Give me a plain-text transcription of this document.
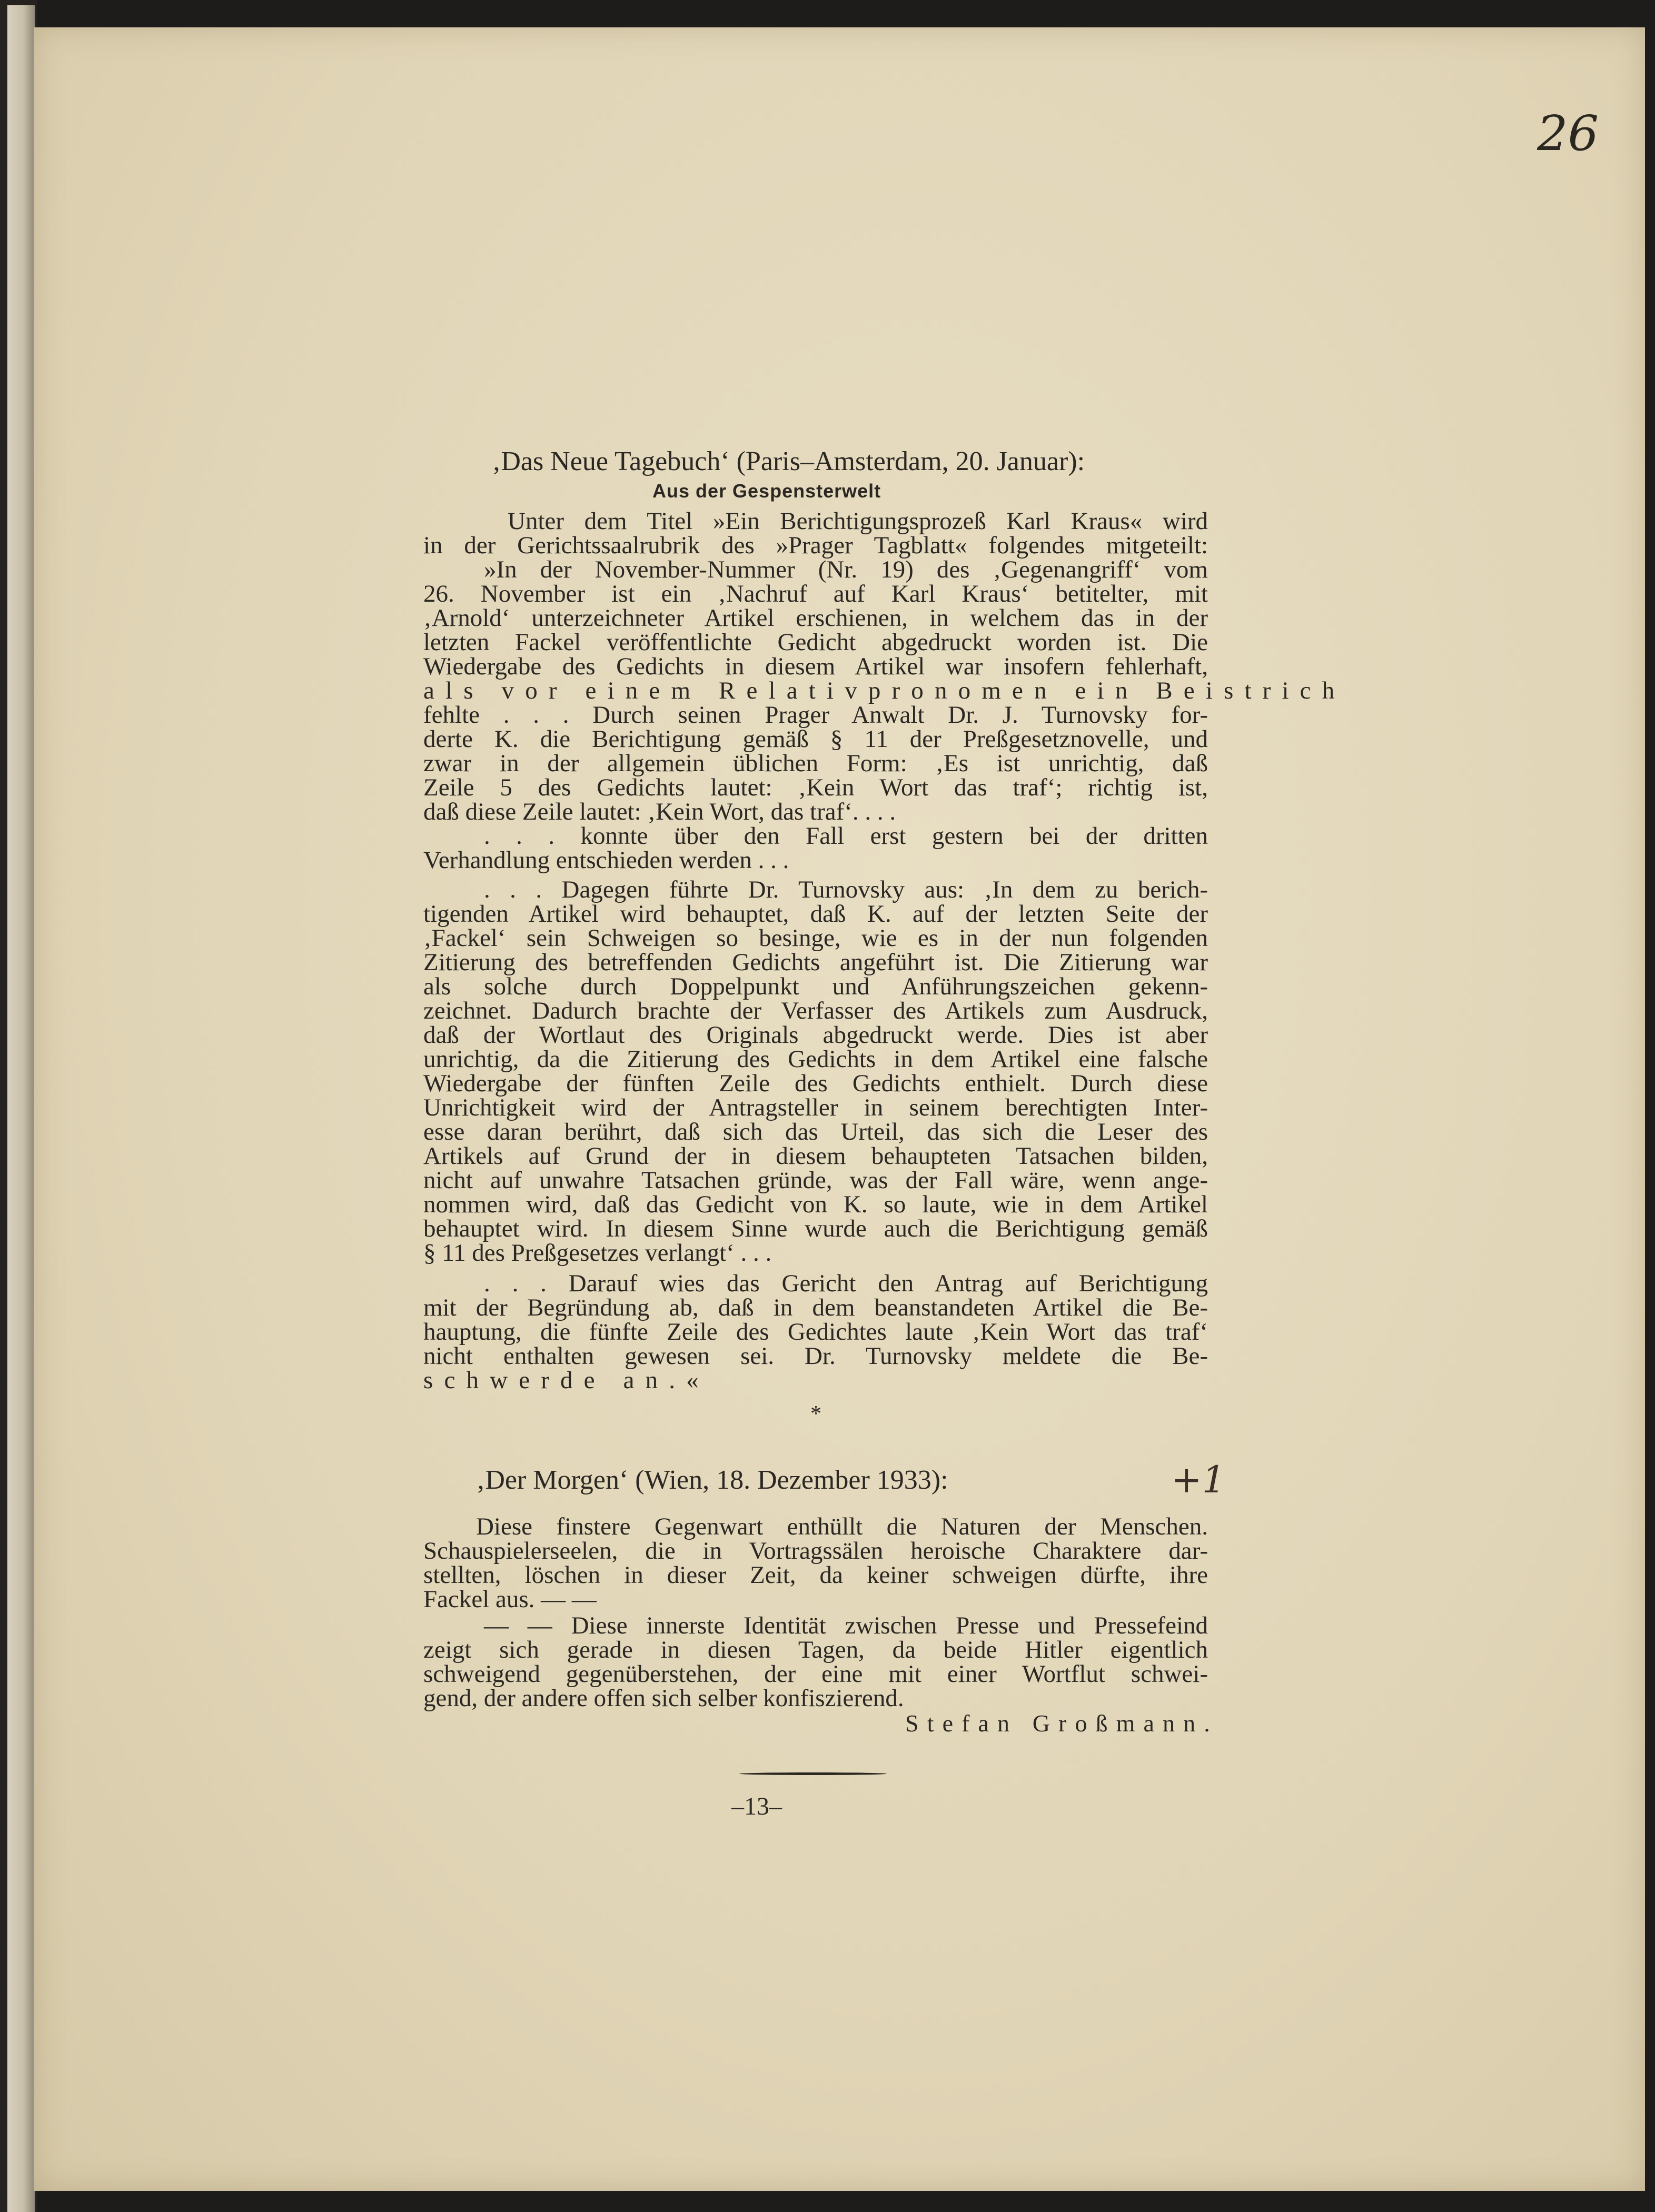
26
‚Das Neue Tagebuch‘ (Paris–Amsterdam, 20. Januar):
Aus der Gespensterwelt
Unter dem Titel »Ein Berichtigungsprozeß Karl Kraus« wird
in der Gerichtssaalrubrik des »Prager Tagblatt« folgendes mitgeteilt:
»In der November-Nummer (Nr. 19) des ‚Gegenangriff‘ vom
26. November ist ein ‚Nachruf auf Karl Kraus‘ betitelter, mit
‚Arnold‘ unterzeichneter Artikel erschienen, in welchem das in der
letzten Fackel veröffentlichte Gedicht abgedruckt worden ist. Die
Wiedergabe des Gedichts in diesem Artikel war insofern fehlerhaft,
als vor einem Relativpronomen ein Beistrich
fehlte . . . Durch seinen Prager Anwalt Dr. J. Turnovsky for-
derte K. die Berichtigung gemäß § 11 der Preßgesetznovelle, und
zwar in der allgemein üblichen Form: ‚Es ist unrichtig, daß
Zeile 5 des Gedichts lautet: ‚Kein Wort das traf‘; richtig ist,
daß diese Zeile lautet: ‚Kein Wort, das traf‘. . . .
. . . konnte über den Fall erst gestern bei der dritten
Verhandlung entschieden werden . . .
. . . Dagegen führte Dr. Turnovsky aus: ‚In dem zu berich-
tigenden Artikel wird behauptet, daß K. auf der letzten Seite der
‚Fackel‘ sein Schweigen so besinge, wie es in der nun folgenden
Zitierung des betreffenden Gedichts angeführt ist. Die Zitierung war
als solche durch Doppelpunkt und Anführungszeichen gekenn-
zeichnet. Dadurch brachte der Verfasser des Artikels zum Ausdruck,
daß der Wortlaut des Originals abgedruckt werde. Dies ist aber
unrichtig, da die Zitierung des Gedichts in dem Artikel eine falsche
Wiedergabe der fünften Zeile des Gedichts enthielt. Durch diese
Unrichtigkeit wird der Antragsteller in seinem berechtigten Inter-
esse daran berührt, daß sich das Urteil, das sich die Leser des
Artikels auf Grund der in diesem behaupteten Tatsachen bilden,
nicht auf unwahre Tatsachen gründe, was der Fall wäre, wenn ange-
nommen wird, daß das Gedicht von K. so laute, wie in dem Artikel
behauptet wird. In diesem Sinne wurde auch die Berichtigung gemäß
§ 11 des Preßgesetzes verlangt‘ . . .
. . . Darauf wies das Gericht den Antrag auf Berichtigung
mit der Begründung ab, daß in dem beanstandeten Artikel die Be-
hauptung, die fünfte Zeile des Gedichtes laute ‚Kein Wort das traf‘
nicht enthalten gewesen sei. Dr. Turnovsky meldete die Be-
schwerde an.«
*
‚Der Morgen‘ (Wien, 18. Dezember 1933):	+1
Diese finstere Gegenwart enthüllt die Naturen der Menschen.
Schauspielerseelen, die in Vortragssälen heroische Charaktere dar-
stellten, löschen in dieser Zeit, da keiner schweigen dürfte, ihre
Fackel aus. — —
— — Diese innerste Identität zwischen Presse und Pressefeind
zeigt sich gerade in diesen Tagen, da beide Hitler eigentlich
schweigend gegenüberstehen, der eine mit einer Wortflut schwei-
gend, der andere offen sich selber konfiszierend.
Stefan Großmann.
–13–
